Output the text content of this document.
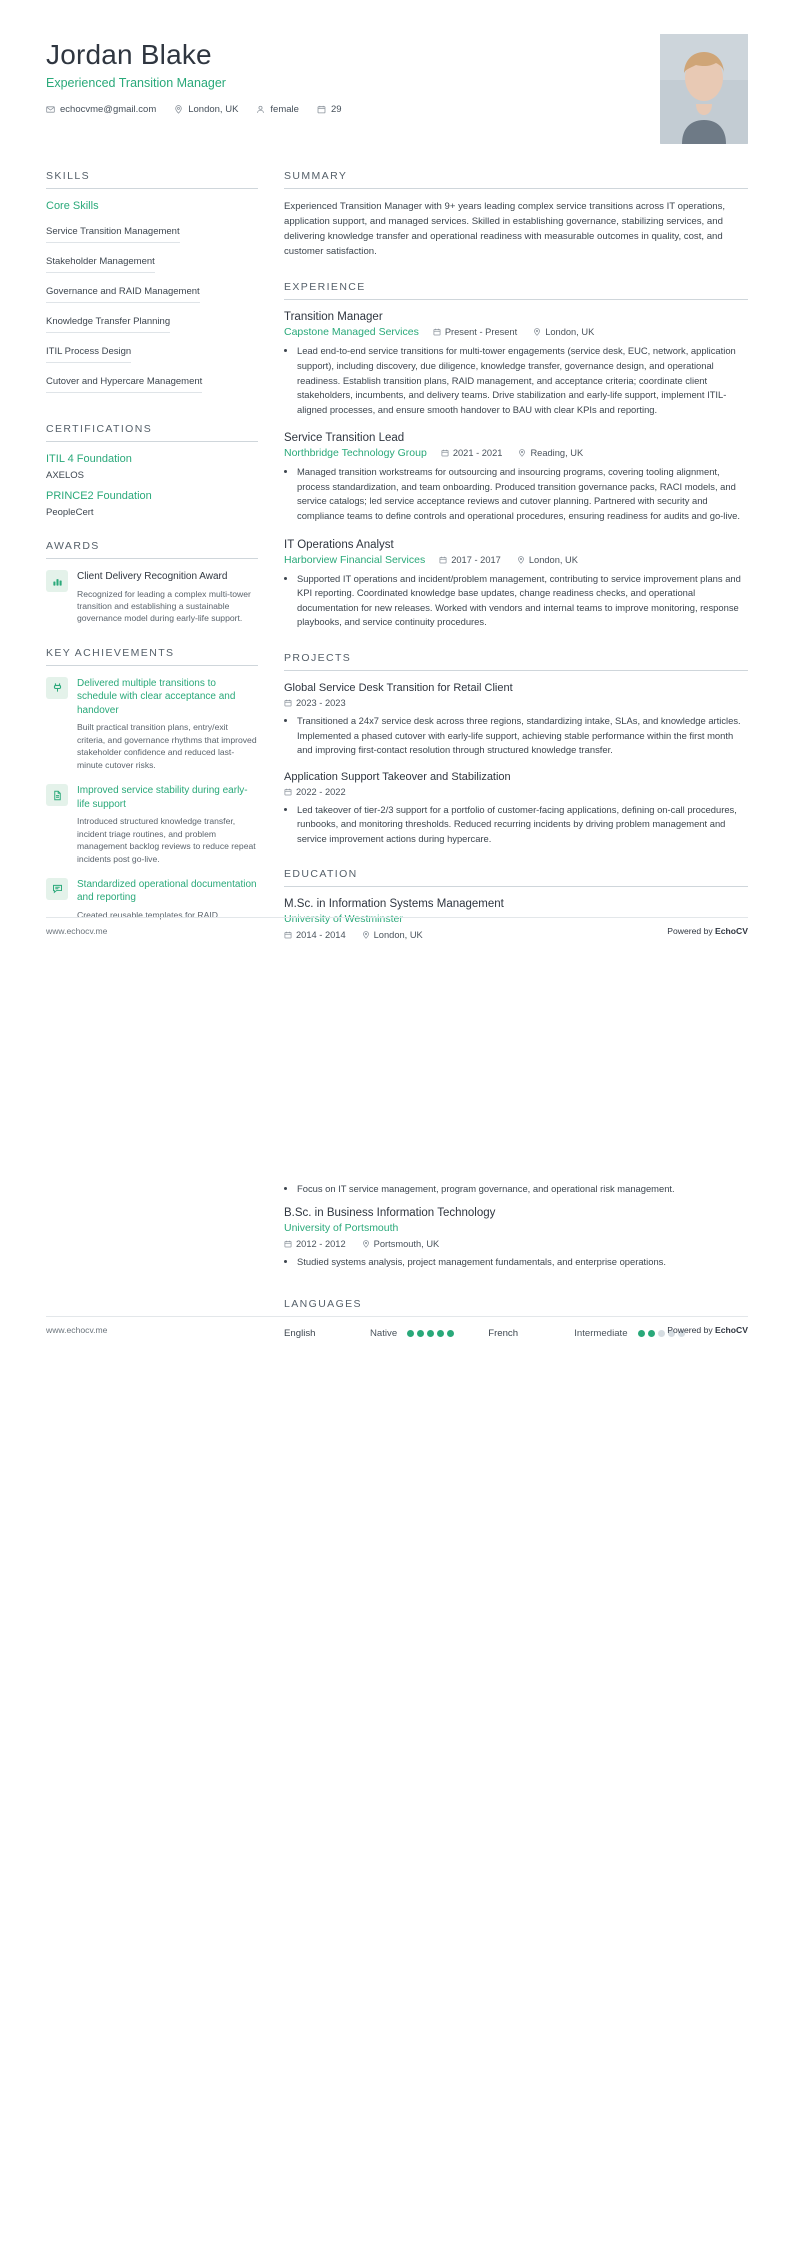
Jordan Blake
Experienced Transition Manager
echocvme@gmail.com	London, UK	female	29
SKILLS
Core Skills
Service Transition Management
Stakeholder Management
Governance and RAID Management
Knowledge Transfer Planning
ITIL Process Design
Cutover and Hypercare Management
CERTIFICATIONS
ITIL 4 Foundation
AXELOS
PRINCE2 Foundation
PeopleCert
AWARDS
Client Delivery Recognition Award
Recognized for leading a complex multi-tower transition and establishing a sustainable governance model during early-life support.
KEY ACHIEVEMENTS
Delivered multiple transitions to schedule with clear acceptance and handover
Built practical transition plans, entry/exit criteria, and governance rhythms that improved stakeholder confidence and reduced last-minute cutover risks.
Improved service stability during early-life support
Introduced structured knowledge transfer, incident triage routines, and problem management backlog reviews to reduce repeat incidents post go-live.
Standardized operational documentation and reporting
Created reusable templates for RAID
SUMMARY
Experienced Transition Manager with 9+ years leading complex service transitions across IT operations, application support, and managed services. Skilled in establishing governance, stabilizing services, and delivering knowledge transfer and operational readiness with measurable outcomes in quality, cost, and customer satisfaction.
EXPERIENCE
Transition Manager
Capstone Managed Services	Present - Present	London, UK
• Lead end-to-end service transitions for multi-tower engagements (service desk, EUC, network, application support), including discovery, due diligence, knowledge transfer, governance design, and operational readiness. Establish transition plans, RAID management, and acceptance criteria; coordinate client stakeholders, incumbents, and delivery teams. Drive stabilization and early-life support, implement ITIL-aligned processes, and ensure smooth handover to BAU with clear KPIs and reporting.
Service Transition Lead
Northbridge Technology Group	2021 - 2021	Reading, UK
• Managed transition workstreams for outsourcing and insourcing programs, covering tooling alignment, process standardization, and team onboarding. Produced transition governance packs, RACI models, and service catalogs; led service acceptance reviews and cutover planning. Partnered with security and compliance teams to define controls and operational procedures, ensuring readiness for audits and go-live.
IT Operations Analyst
Harborview Financial Services	2017 - 2017	London, UK
• Supported IT operations and incident/problem management, contributing to service improvement plans and KPI reporting. Coordinated knowledge base updates, change readiness checks, and operational documentation for new releases. Worked with vendors and internal teams to improve monitoring, response playbooks, and service continuity procedures.
PROJECTS
Global Service Desk Transition for Retail Client
2023 - 2023
• Transitioned a 24x7 service desk across three regions, standardizing intake, SLAs, and knowledge articles. Implemented a phased cutover with early-life support, achieving stable performance within the first month and improving first-contact resolution through structured knowledge transfer.
Application Support Takeover and Stabilization
2022 - 2022
• Led takeover of tier-2/3 support for a portfolio of customer-facing applications, defining on-call procedures, runbooks, and monitoring thresholds. Reduced recurring incidents by driving problem management and service improvement actions during hypercare.
EDUCATION
M.Sc. in Information Systems Management
University of Westminster
2014 - 2014	London, UK
www.echocv.me	Powered by EchoCV
• Focus on IT service management, program governance, and operational risk management.
B.Sc. in Business Information Technology
University of Portsmouth
2012 - 2012	Portsmouth, UK
• Studied systems analysis, project management fundamentals, and enterprise operations.
LANGUAGES
English	Native	French	Intermediate
www.echocv.me	Powered by EchoCV
